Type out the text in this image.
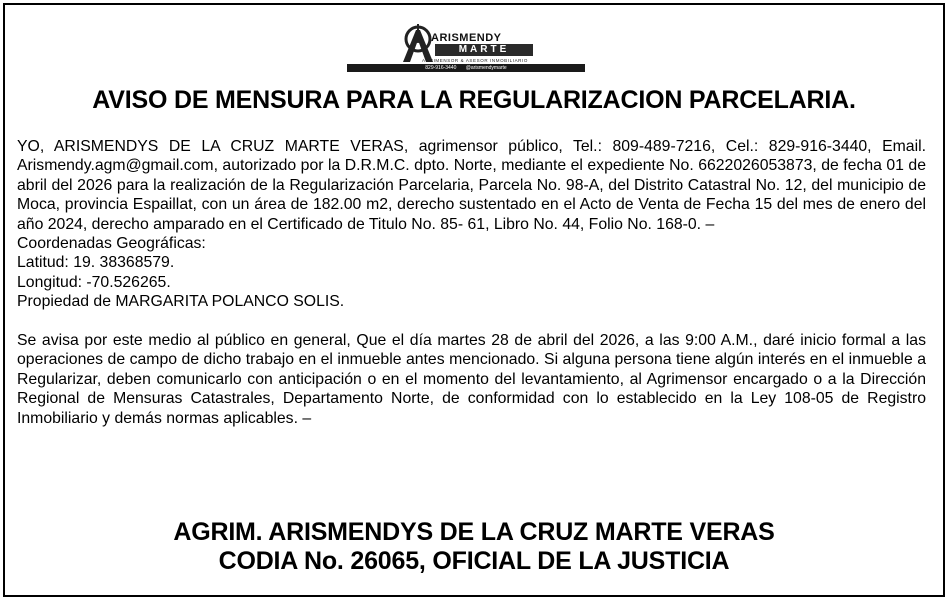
ARISMENDY
MARTE
AGRIMENSOR & ASESOR INMOBILIARIO
829-916-3440 @arismendymarte
AVISO DE MENSURA PARA LA REGULARIZACION PARCELARIA.

YO, ARISMENDYS DE LA CRUZ MARTE VERAS, agrimensor público, Tel.: 809-489-7216, Cel.: 829-916-3440, Email. Arismendy.agm@gmail.com, autorizado por la D.R.M.C. dpto. Norte, mediante el expediente No. 6622026053873, de fecha 01 de abril del 2026 para la realización de la Regularización Parcelaria, Parcela No. 98-A, del Distrito Catastral No. 12, del municipio de Moca, provincia Espaillat, con un área de 182.00 m2, derecho sustentado en el Acto de Venta de Fecha 15 del mes de enero del año 2024, derecho amparado en el Certificado de Titulo No. 85- 61, Libro No. 44, Folio No. 168-0. –

Coordenadas Geográficas:

Latitud: 19. 38368579.

Longitud: -70.526265.

Propiedad de MARGARITA POLANCO SOLIS.

Se avisa por este medio al público en general, Que el día martes 28 de abril del 2026, a las 9:00 A.M., daré inicio formal a las operaciones de campo de dicho trabajo en el inmueble antes mencionado. Si alguna persona tiene algún interés en el inmueble a Regularizar, deben comunicarlo con anticipación o en el momento del levantamiento, al Agrimensor encargado o a la Dirección Regional de Mensuras Catastrales, Departamento Norte, de conformidad con lo establecido en la Ley 108-05 de Registro Inmobiliario y demás normas aplicables. –

AGRIM. ARISMENDYS DE LA CRUZ MARTE VERAS
CODIA No. 26065, OFICIAL DE LA JUSTICIA
